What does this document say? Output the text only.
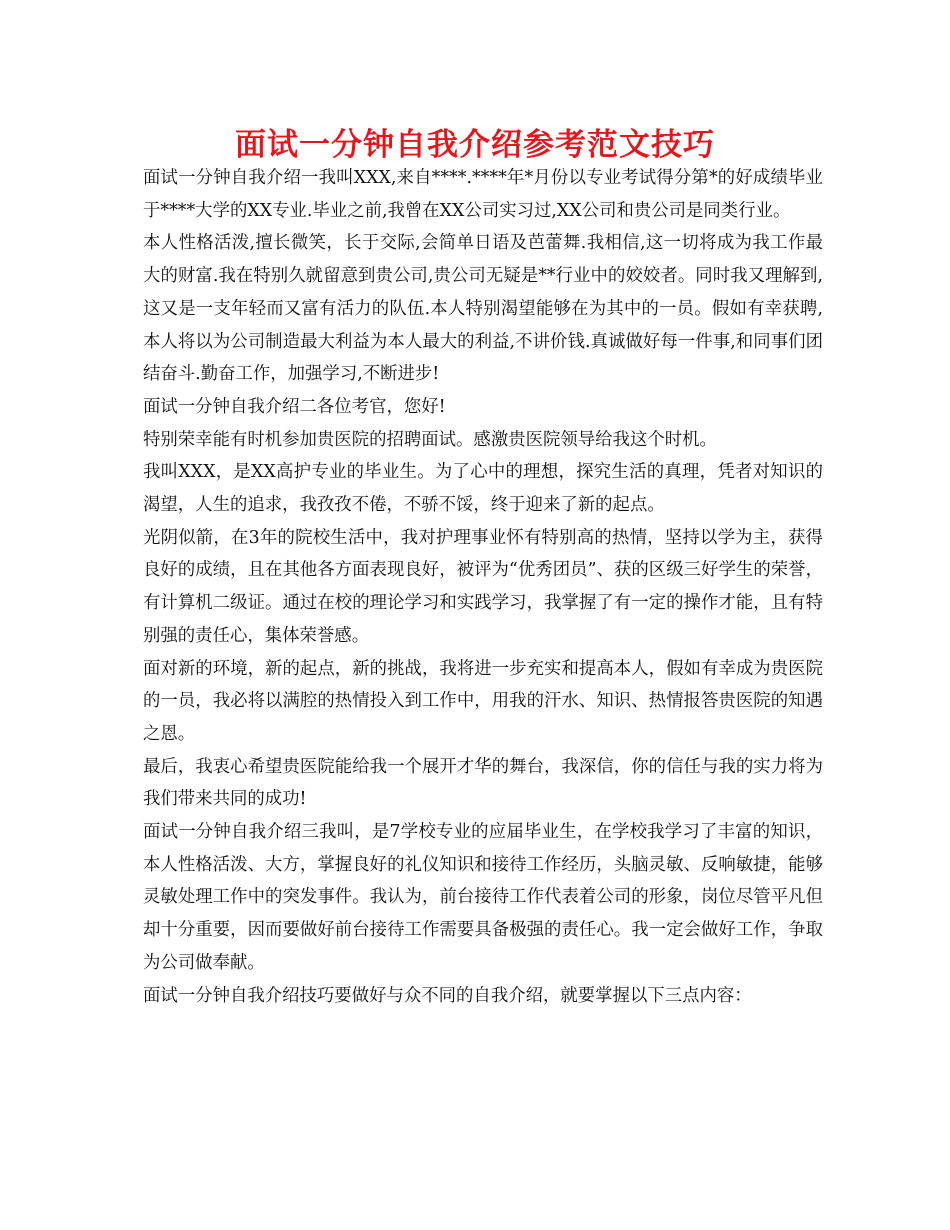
面试一分钟自我介绍参考范文技巧

面试一分钟自我介绍一我叫XXX,来自****.****年*月份以专业考试得分第*的好成绩毕业于****大学的XX专业.毕业之前,我曾在XX公司实习过,XX公司和贵公司是同类行业。

本人性格活泼,擅长微笑，长于交际,会简单日语及芭蕾舞.我相信,这一切将成为我工作最大的财富.我在特别久就留意到贵公司,贵公司无疑是**行业中的姣姣者。同时我又理解到,这又是一支年轻而又富有活力的队伍.本人特别渴望能够在为其中的一员。假如有幸获聘,本人将以为公司制造最大利益为本人最大的利益,不讲价钱.真诚做好每一件事,和同事们团结奋斗.勤奋工作，加强学习,不断进步!

面试一分钟自我介绍二各位考官，您好!

特别荣幸能有时机参加贵医院的招聘面试。感激贵医院领导给我这个时机。

我叫XXX，是XX高护专业的毕业生。为了心中的理想，探究生活的真理，凭者对知识的渴望，人生的追求，我孜孜不倦，不骄不馁，终于迎来了新的起点。

光阴似箭，在3年的院校生活中，我对护理事业怀有特别高的热情，坚持以学为主，获得良好的成绩，且在其他各方面表现良好，被评为“优秀团员”、获的区级三好学生的荣誉，有计算机二级证。通过在校的理论学习和实践学习，我掌握了有一定的操作才能，且有特别强的责任心，集体荣誉感。

面对新的环境，新的起点，新的挑战，我将进一步充实和提高本人，假如有幸成为贵医院的一员，我必将以满腔的热情投入到工作中，用我的汗水、知识、热情报答贵医院的知遇之恩。

最后，我衷心希望贵医院能给我一个展开才华的舞台，我深信，你的信任与我的实力将为我们带来共同的成功!

面试一分钟自我介绍三我叫，是7学校专业的应届毕业生，在学校我学习了丰富的知识，本人性格活泼、大方，掌握良好的礼仪知识和接待工作经历，头脑灵敏、反响敏捷，能够灵敏处理工作中的突发事件。我认为，前台接待工作代表着公司的形象，岗位尽管平凡但却十分重要，因而要做好前台接待工作需要具备极强的责任心。我一定会做好工作，争取为公司做奉献。

面试一分钟自我介绍技巧要做好与众不同的自我介绍，就要掌握以下三点内容：
